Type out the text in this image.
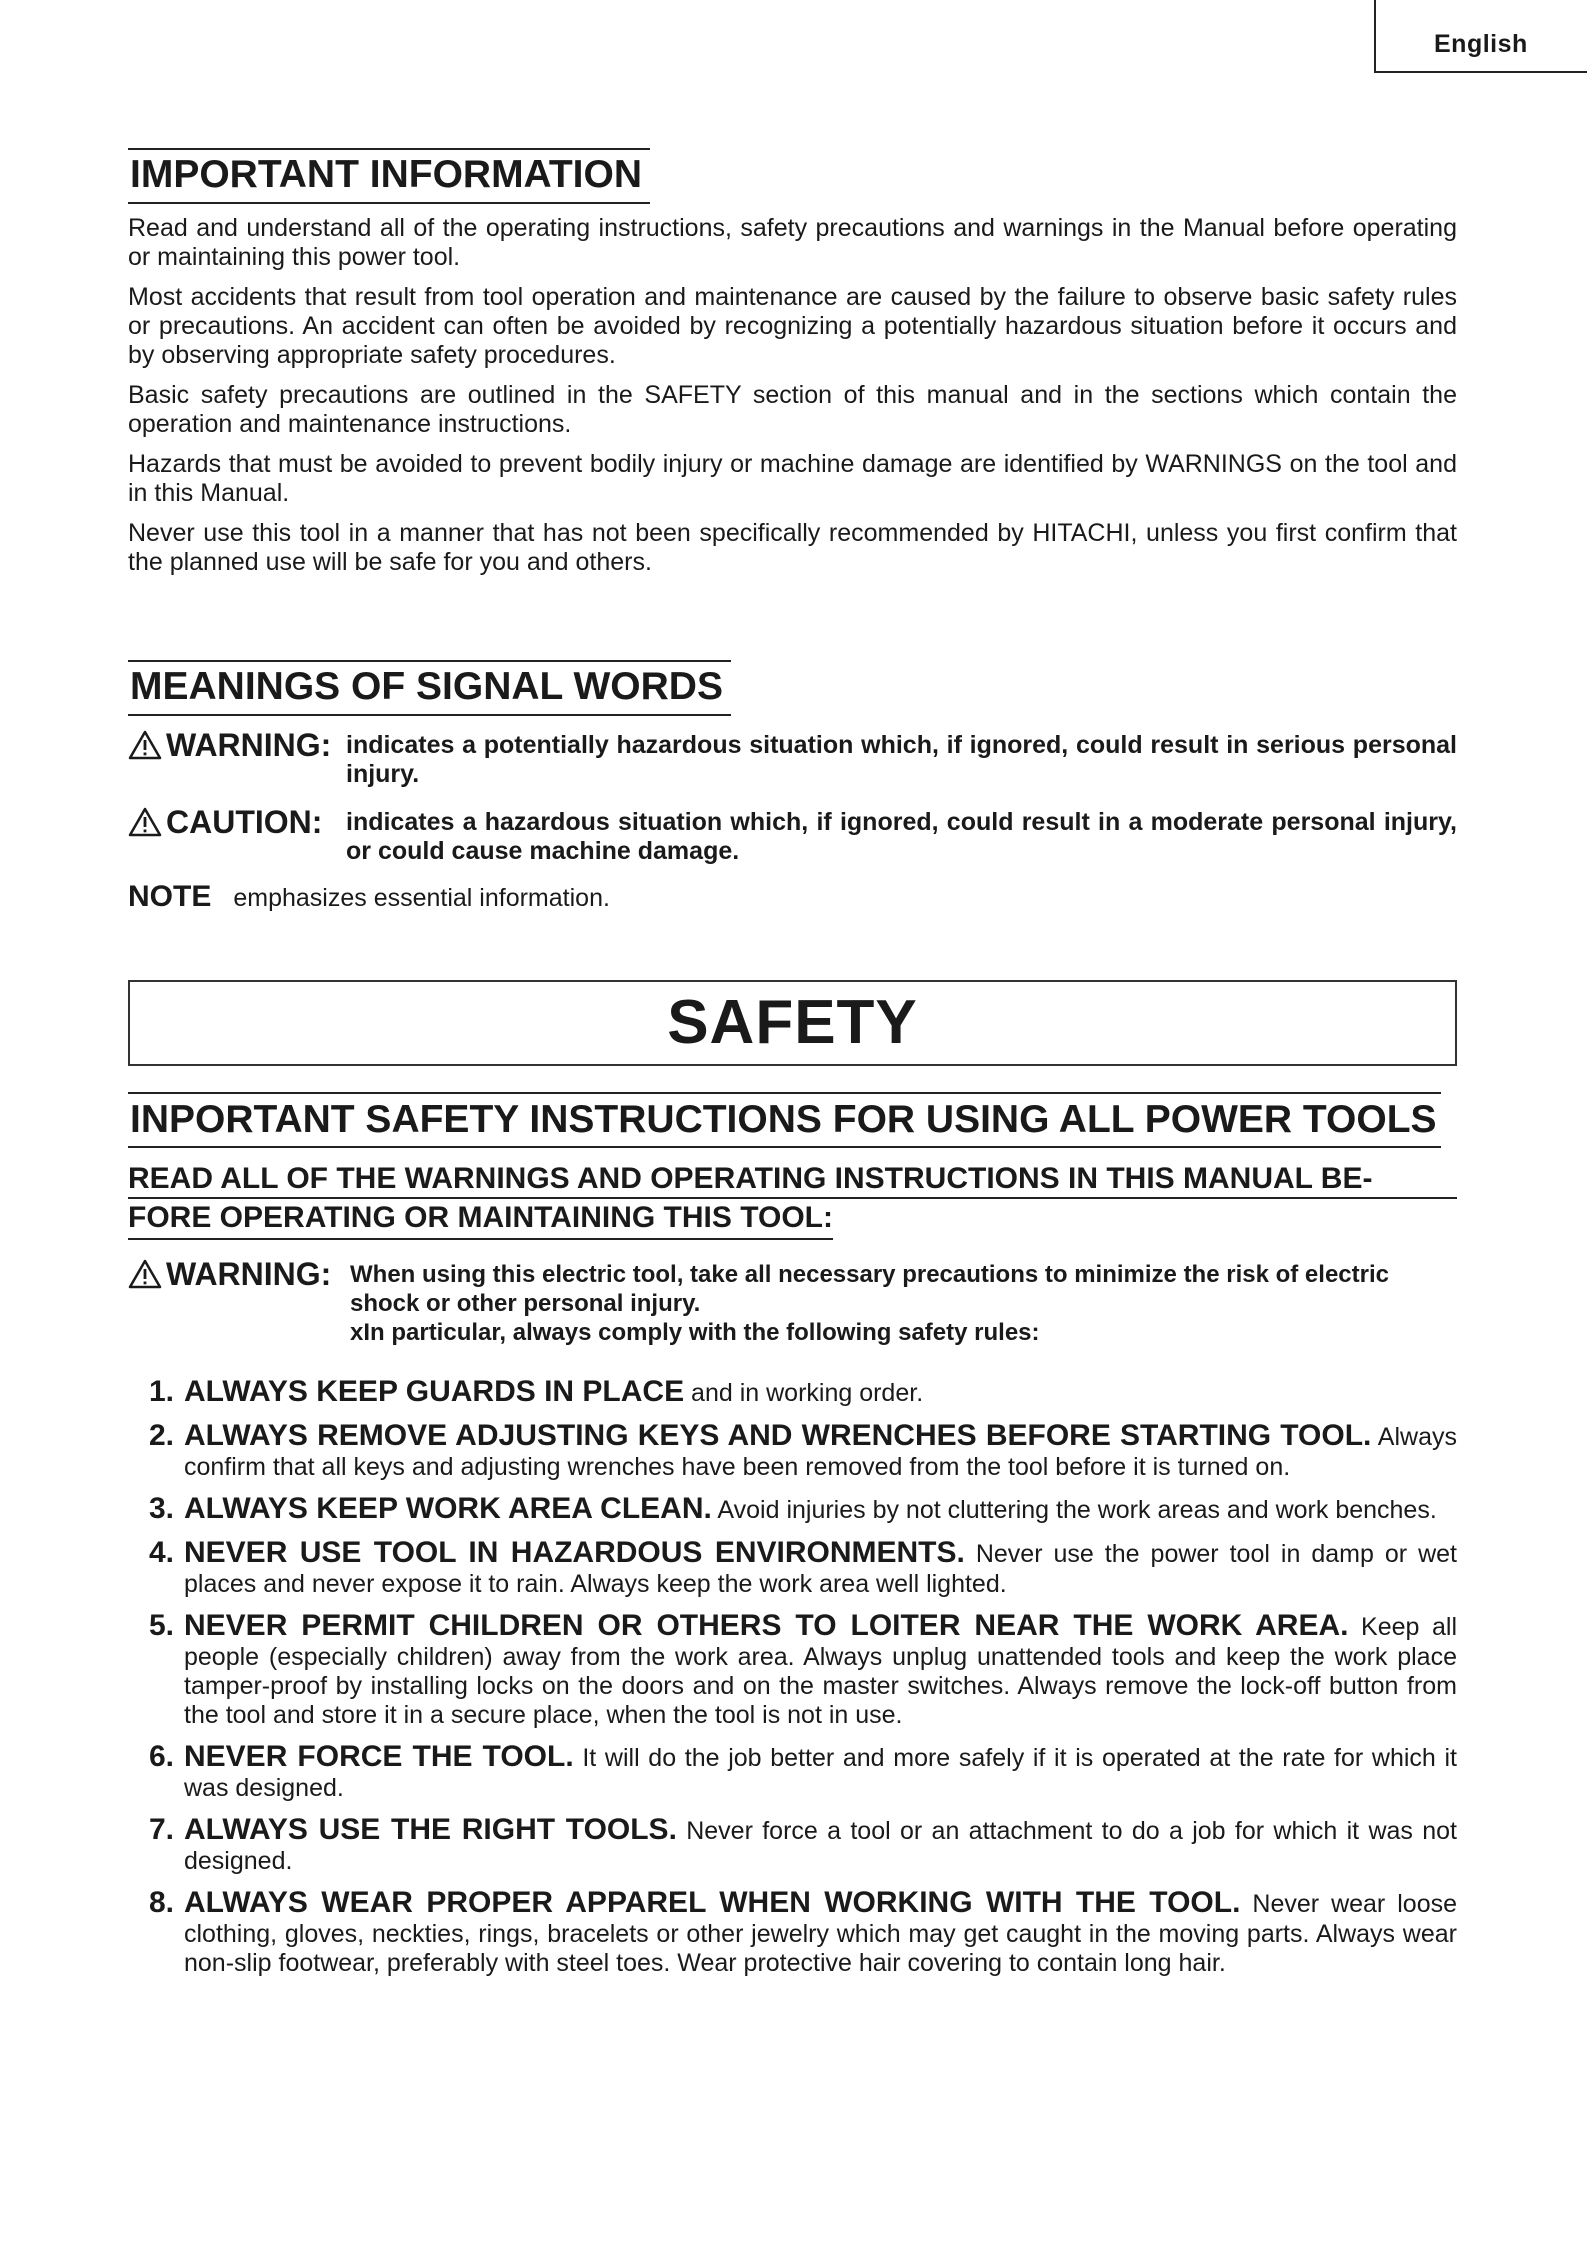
English
IMPORTANT INFORMATION

Read and understand all of the operating instructions, safety precautions and warnings in the Manual before operating or maintaining this power tool.

Most accidents that result from tool operation and maintenance are caused by the failure to observe basic safety rules or precautions. An accident can often be avoided by recognizing a potentially hazardous situation before it occurs and by observing appropriate safety procedures.

Basic safety precautions are outlined in the SAFETY section of this manual and in the sections which contain the operation and maintenance instructions.

Hazards that must be avoided to prevent bodily injury or machine damage are identified by WARNINGS on the tool and in this Manual.

Never use this tool in a manner that has not been specifically recommended by HITACHI, unless you first confirm that the planned use will be safe for you and others.

MEANINGS OF SIGNAL WORDS
WARNING: indicates a potentially hazardous situation which, if ignored, could result in serious personal injury.
CAUTION: indicates a hazardous situation which, if ignored, could result in a moderate personal injury, or could cause machine damage.
NOTE emphasizes essential information.
SAFETY
INPORTANT SAFETY INSTRUCTIONS FOR USING ALL POWER TOOLS
READ ALL OF THE WARNINGS AND OPERATING INSTRUCTIONS IN THIS MANUAL BE-
FORE OPERATING OR MAINTAINING THIS TOOL:
WARNING: When using this electric tool, take all necessary precautions to minimize the risk of electric shock or other personal injury.
xIn particular, always comply with the following safety rules:
1. ALWAYS KEEP GUARDS IN PLACE and in working order.
2. ALWAYS REMOVE ADJUSTING KEYS AND WRENCHES BEFORE STARTING TOOL. Always confirm that all keys and adjusting wrenches have been removed from the tool before it is turned on.
3. ALWAYS KEEP WORK AREA CLEAN. Avoid injuries by not cluttering the work areas and work benches.
4. NEVER USE TOOL IN HAZARDOUS ENVIRONMENTS. Never use the power tool in damp or wet places and never expose it to rain. Always keep the work area well lighted.
5. NEVER PERMIT CHILDREN OR OTHERS TO LOITER NEAR THE WORK AREA. Keep all people (especially children) away from the work area. Always unplug unattended tools and keep the work place tamper-proof by installing locks on the doors and on the master switches. Always remove the lock-off button from the tool and store it in a secure place, when the tool is not in use.
6. NEVER FORCE THE TOOL. It will do the job better and more safely if it is operated at the rate for which it was designed.
7. ALWAYS USE THE RIGHT TOOLS. Never force a tool or an attachment to do a job for which it was not designed.
8. ALWAYS WEAR PROPER APPAREL WHEN WORKING WITH THE TOOL. Never wear loose clothing, gloves, neckties, rings, bracelets or other jewelry which may get caught in the moving parts. Always wear non-slip footwear, preferably with steel toes. Wear protective hair covering to contain long hair.
